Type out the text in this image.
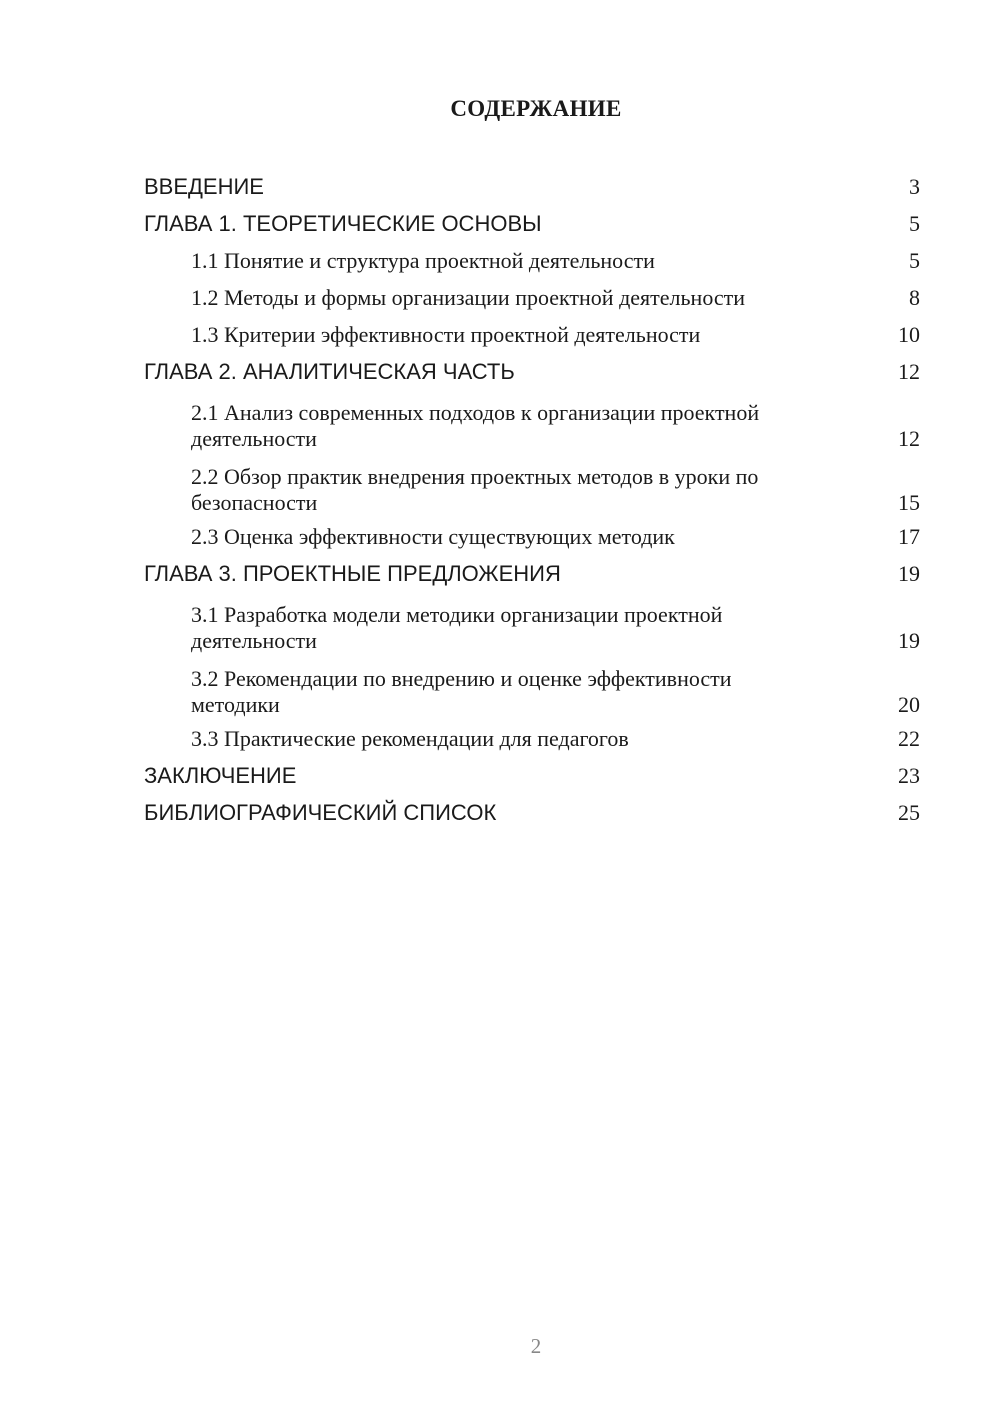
СОДЕРЖАНИЕ
ВВЕДЕНИЕ	3
ГЛАВА 1. ТЕОРЕТИЧЕСКИЕ ОСНОВЫ	5
1.1 Понятие и структура проектной деятельности	5
1.2 Методы и формы организации проектной деятельности	8
1.3 Критерии эффективности проектной деятельности	10
ГЛАВА 2. АНАЛИТИЧЕСКАЯ ЧАСТЬ	12
2.1 Анализ современных подходов к организации проектной деятельности	12
2.2 Обзор практик внедрения проектных методов в уроки по безопасности	15
2.3 Оценка эффективности существующих методик	17
ГЛАВА 3. ПРОЕКТНЫЕ ПРЕДЛОЖЕНИЯ	19
3.1 Разработка модели методики организации проектной деятельности	19
3.2 Рекомендации по внедрению и оценке эффективности методики	20
3.3 Практические рекомендации для педагогов	22
ЗАКЛЮЧЕНИЕ	23
БИБЛИОГРАФИЧЕСКИЙ СПИСОК	25
2
